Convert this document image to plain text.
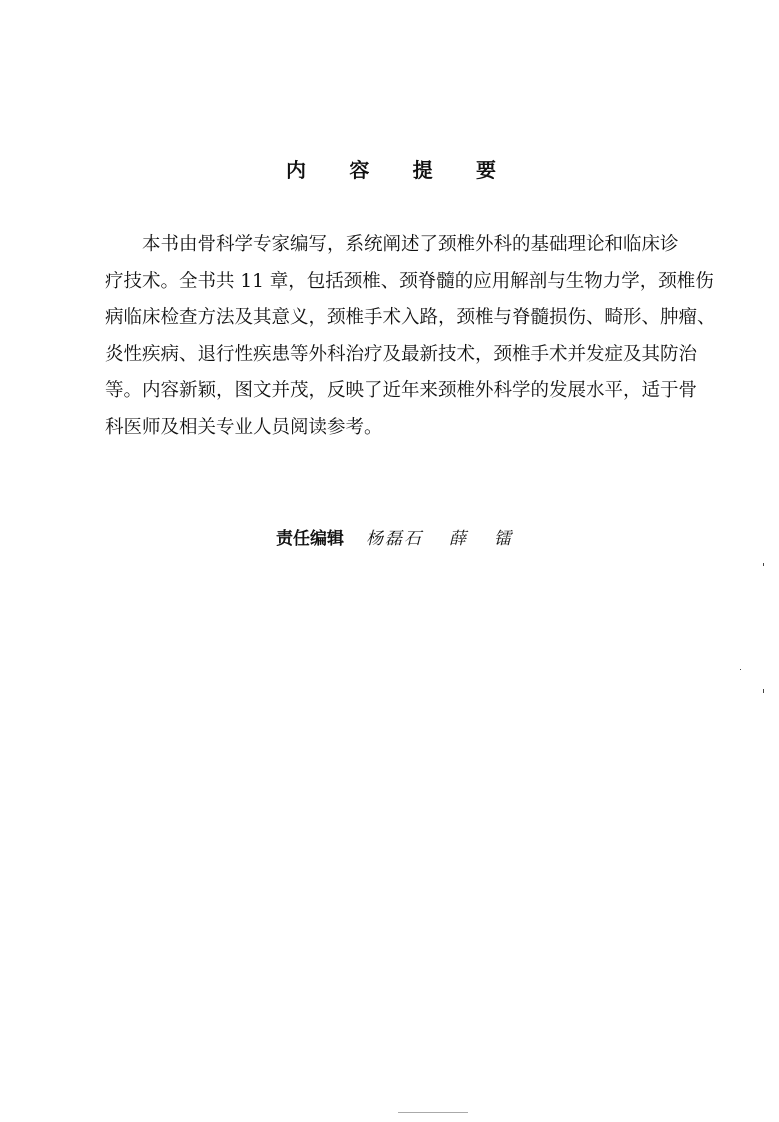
内 容 提 要
本书由骨科学专家编写，系统阐述了颈椎外科的基础理论和临床诊
疗技术。全书共 11 章，包括颈椎、颈脊髓的应用解剖与生物力学，颈椎伤
病临床检查方法及其意义，颈椎手术入路，颈椎与脊髓损伤、畸形、肿瘤、
炎性疾病、退行性疾患等外科治疗及最新技术，颈椎手术并发症及其防治
等。内容新颖，图文并茂，反映了近年来颈椎外科学的发展水平，适于骨
科医师及相关专业人员阅读参考。
责任编辑 杨磊石 薛 镭
